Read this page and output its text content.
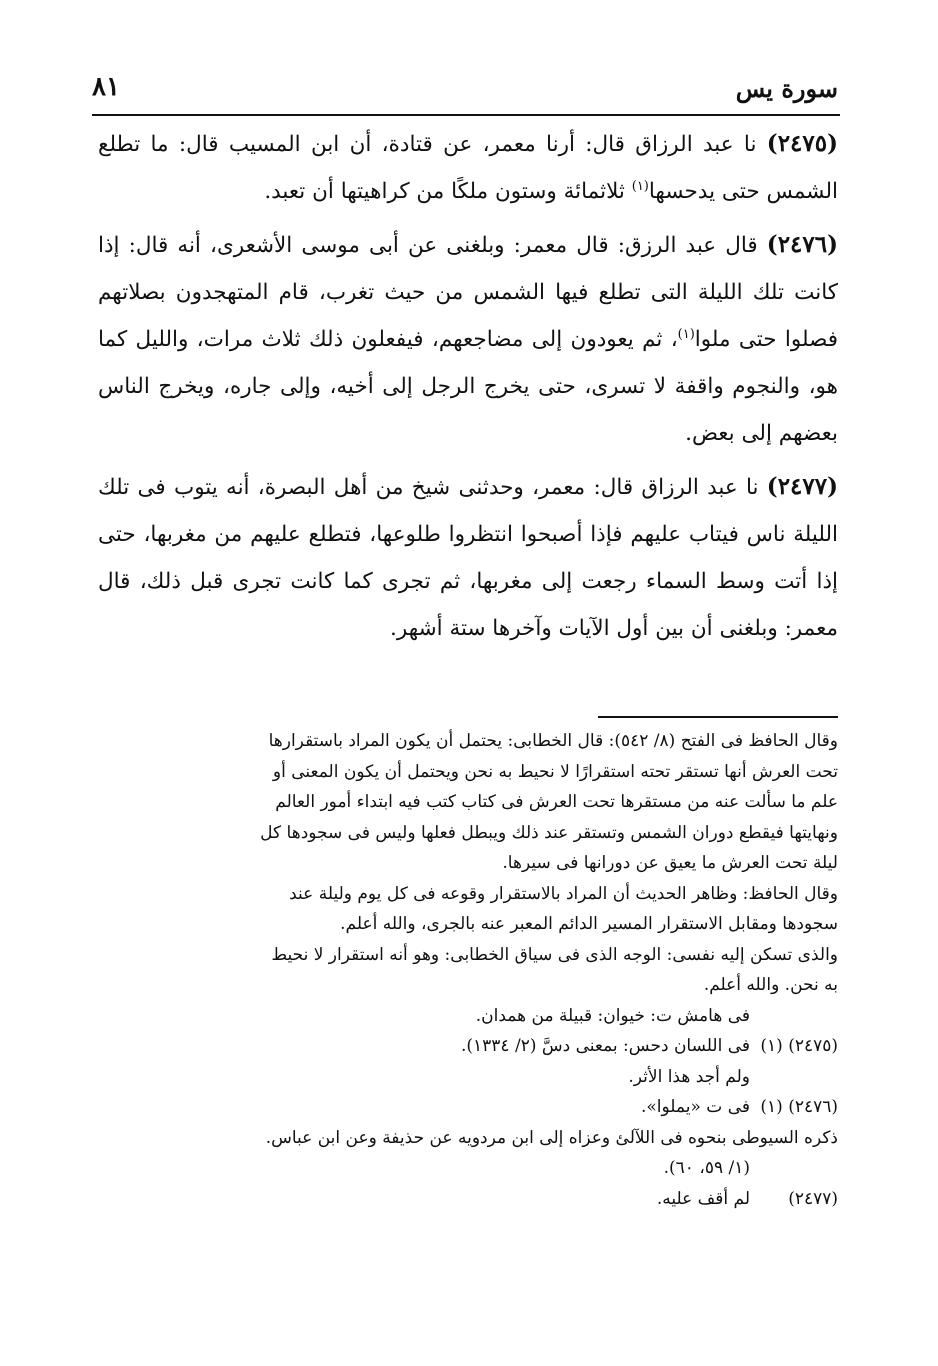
سورة يس
٨١

(٢٤٧٥) نا عبد الرزاق قال: أرنا معمر، عن قتادة، أن ابن المسيب قال: ما تطلع الشمس حتى يدحسها$^{(١)}$ ثلاثمائة وستون ملكًا من كراهيتها أن تعبد.

(٢٤٧٦) قال عبد الرزق: قال معمر: وبلغنى عن أبى موسى الأشعرى، أنه قال: إذا كانت تلك الليلة التى تطلع فيها الشمس من حيث تغرب، قام المتهجدون بصلاتهم فصلوا حتى ملوا$^{(١)}$، ثم يعودون إلى مضاجعهم، فيفعلون ذلك ثلاث مرات، والليل كما هو، والنجوم واقفة لا تسرى، حتى يخرج الرجل إلى أخيه، وإلى جاره، ويخرج الناس بعضهم إلى بعض.

(٢٤٧٧) نا عبد الرزاق قال: معمر، وحدثنى شيخ من أهل البصرة، أنه يتوب فى تلك الليلة ناس فيتاب عليهم فإذا أصبحوا انتظروا طلوعها، فتطلع عليهم من مغربها، حتى إذا أتت وسط السماء رجعت إلى مغربها، ثم تجرى كما كانت تجرى قبل ذلك، قال معمر: وبلغنى أن بين أول الآيات وآخرها ستة أشهر.

وقال الحافظ فى الفتح (٨/ ٥٤٢): قال الخطابى: يحتمل أن يكون المراد باستقرارها
تحت العرش أنها تستقر تحته استقرارًا لا نحيط به نحن ويحتمل أن يكون المعنى أو
علم ما سألت عنه من مستقرها تحت العرش فى كتاب كتب فيه ابتداء أمور العالم
ونهايتها فيقطع دوران الشمس وتستقر عند ذلك ويبطل فعلها وليس فى سجودها كل
ليلة تحت العرش ما يعيق عن دورانها فى سيرها.
وقال الحافظ: وظاهر الحديث أن المراد بالاستقرار وقوعه فى كل يوم وليلة عند
سجودها ومقابل الاستقرار المسير الدائم المعبر عنه بالجرى، والله أعلم.
والذى تسكن إليه نفسى: الوجه الذى فى سياق الخطابى: وهو أنه استقرار لا نحيط
به نحن. والله أعلم.
فى هامش ت: خيوان: قبيلة من همدان.
(٢٤٧٥) (١)فى اللسان دحس: بمعنى دسَّ (٢/ ١٣٣٤).
ولم أجد هذا الأثر.
(٢٤٧٦) (١)فى ت «يملوا».
ذكره السيوطى بنحوه فى اللآلئ وعزاه إلى ابن مردويه عن حذيفة وعن ابن عباس.
(١/ ٥٩، ٦٠).
(٢٤٧٧)لم أقف عليه.
